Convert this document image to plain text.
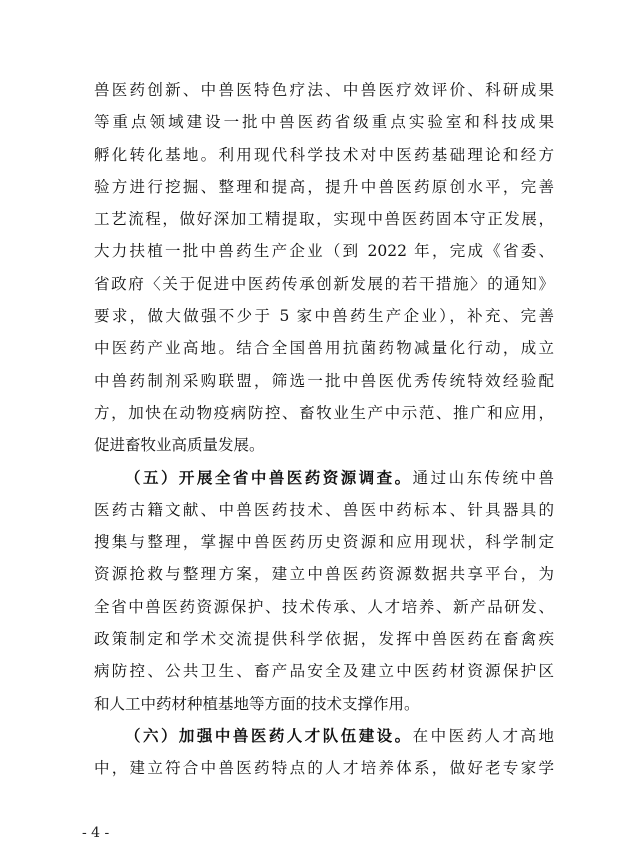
兽医药创新、中兽医特色疗法、中兽医疗效评价、科研成果
等重点领域建设一批中兽医药省级重点实验室和科技成果
孵化转化基地。利用现代科学技术对中医药基础理论和经方
验方进行挖掘、整理和提高，提升中兽医药原创水平，完善
工艺流程，做好深加工精提取，实现中兽医药固本守正发展，
大力扶植一批中兽药生产企业（到 2022 年，完成《省委、
省政府〈关于促进中医药传承创新发展的若干措施〉的通知》
要求，做大做强不少于 5 家中兽药生产企业），补充、完善
中医药产业高地。结合全国兽用抗菌药物减量化行动，成立
中兽药制剂采购联盟，筛选一批中兽医优秀传统特效经验配
方，加快在动物疫病防控、畜牧业生产中示范、推广和应用，
促进畜牧业高质量发展。
（五）开展全省中兽医药资源调查。通过山东传统中兽
医药古籍文献、中兽医药技术、兽医中药标本、针具器具的
搜集与整理，掌握中兽医药历史资源和应用现状，科学制定
资源抢救与整理方案，建立中兽医药资源数据共享平台，为
全省中兽医药资源保护、技术传承、人才培养、新产品研发、
政策制定和学术交流提供科学依据，发挥中兽医药在畜禽疾
病防控、公共卫生、畜产品安全及建立中医药材资源保护区
和人工中药材种植基地等方面的技术支撑作用。
（六）加强中兽医药人才队伍建设。在中医药人才高地
中，建立符合中兽医药特点的人才培养体系，做好老专家学
- 4 -
